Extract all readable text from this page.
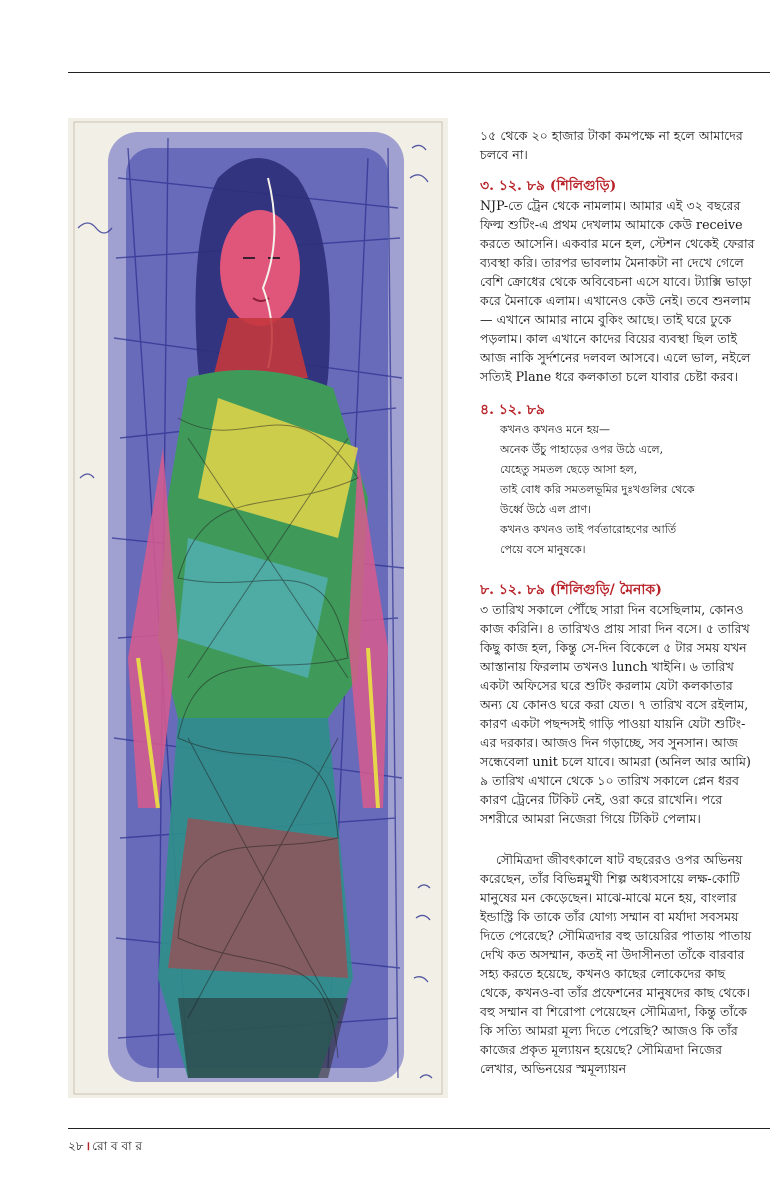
১৫ থেকে ২০ হাজার টাকা কমপক্ষে না হলে আমাদের চলবে না।

৩. ১২. ৮৯ (শিলিগুড়ি)

NJP-তে ট্রেন থেকে নামলাম। আমার এই ৩২ বছরের ফিল্ম শুটিং-এ প্রথম দেখলাম আমাকে কেউ receive করতে আসেনি। একবার মনে হল, স্টেশন থেকেই ফেরার ব্যবস্থা করি। তারপর ভাবলাম মৈনাকটা না দেখে গেলে বেশি ক্রোধের থেকে অবিবেচনা এসে যাবে। ট্যাক্সি ভাড়া করে মৈনাকে এলাম। এখানেও কেউ নেই। তবে শুনলাম— এখানে আমার নামে বুকিং আছে। তাই ঘরে ঢুকে পড়লাম। কাল এখানে কাদের বিয়ের ব্যবস্থা ছিল তাই আজ নাকি সুর্দশনের দলবল আসবে। এলে ভাল, নইলে সত্যিই Plane ধরে কলকাতা চলে যাবার চেষ্টা করব।

৪. ১২. ৮৯

কখনও কখনও মনে হয়—
অনেক উঁচু পাহাড়ের ওপর উঠে এলে,
যেহেতু সমতল ছেড়ে আসা হল,
তাই বোধ করি সমতলভূমির দুঃখগুলির থেকে
উর্ধ্বে উঠে এল প্রাণ।
কখনও কখনও তাই পর্বতারোহণের আর্তি
পেয়ে বসে মানুষকে।

৮. ১২. ৮৯ (শিলিগুড়ি/ মৈনাক)

৩ তারিখ সকালে পৌঁছে সারা দিন বসেছিলাম, কোনও কাজ করিনি। ৪ তারিখও প্রায় সারা দিন বসে। ৫ তারিখ কিছু কাজ হল, কিন্তু সে-দিন বিকেলে ৫ টার সময় যখন আস্তানায় ফিরলাম তখনও lunch খাইনি। ৬ তারিখ একটা অফিসের ঘরে শুটিং করলাম যেটা কলকাতার অন্য যে কোনও ঘরে করা যেত। ৭ তারিখ বসে রইলাম, কারণ একটা পছন্দসই গাড়ি পাওয়া যায়নি যেটা শুটিং-এর দরকার। আজও দিন গড়াচ্ছে, সব সুনসান। আজ সন্ধেবেলা unit চলে যাবে। আমরা (অনিল আর আমি) ৯ তারিখ এখানে থেকে ১০ তারিখ সকালে প্লেন ধরব কারণ ট্রেনের টিকিট নেই, ওরা করে রাখেনি। পরে সশরীরে আমরা নিজেরা গিয়ে টিকিট পেলাম।

সৌমিত্রদা জীবৎকালে ষাট বছরেরও ওপর অভিনয় করেছেন, তাঁর বিভিন্নমুখী শিল্প অধ্যবসায়ে লক্ষ-কোটি মানুষের মন কেড়েছেন। মাঝে-মাঝে মনে হয়, বাংলার ইন্ডাস্ট্রি কি তাকে তাঁর যোগ্য সম্মান বা মর্যাদা সবসময় দিতে পেরেছে? সৌমিত্রদার বহু ডায়েরির পাতায় পাতায় দেখি কত অসম্মান, কতই না উদাসীনতা তাঁকে বারবার সহ্য করতে হয়েছে, কখনও কাছের লোকেদের কাছ থেকে, কখনও-বা তাঁর প্রফেশনের মানুষদের কাছ থেকে। বহু সম্মান বা শিরোপা পেয়েছেন সৌমিত্রদা, কিন্তু তাঁকে কি সত্যি আমরা মূল্য দিতে পেরেছি? আজও কি তাঁর কাজের প্রকৃত মূল্যায়ন হয়েছে? সৌমিত্রদা নিজের লেখার, অভিনয়ের স্মমূল্যায়ন

২৮ । রো ব বা র
